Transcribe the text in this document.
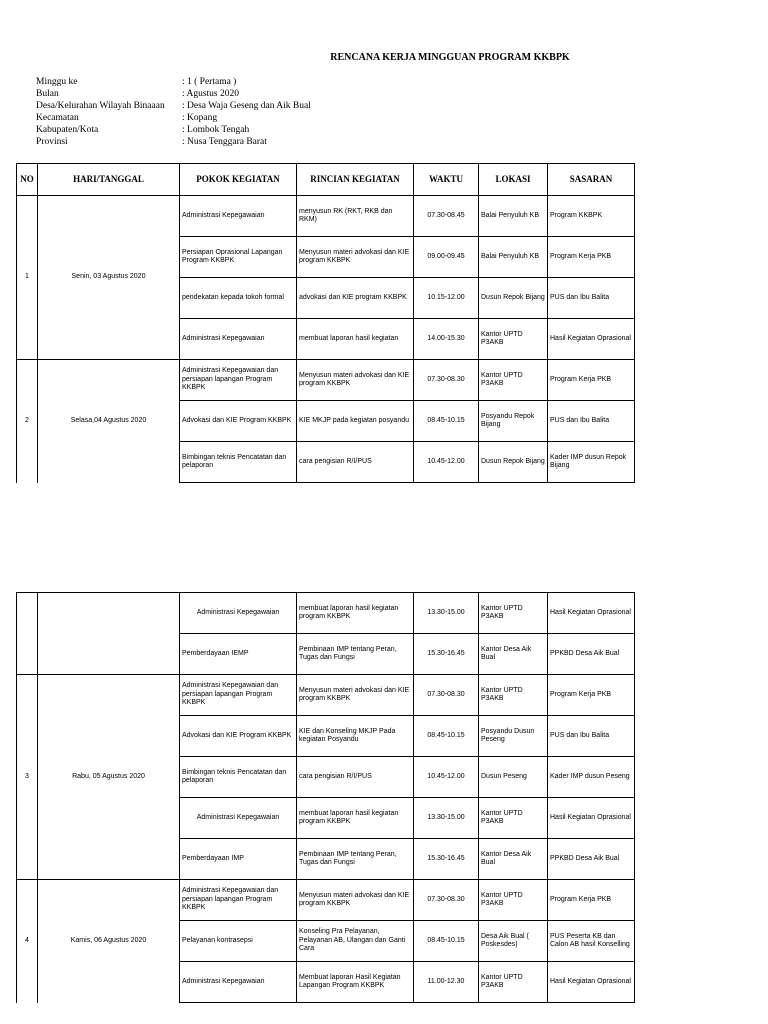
RENCANA KERJA MINGGUAN PROGRAM KKBPK
Minggu ke	: 1 ( Pertama )
Bulan	: Agustus 2020
Desa/Kelurahan Wilayah Binaaan	: Desa Waja Geseng dan Aik Bual
Kecamatan	: Kopang
Kabupaten/Kota	: Lombok Tengah
Provinsi	: Nusa Tenggara Barat
NO	HARI/TANGGAL	POKOK KEGIATAN	RINCIAN KEGIATAN	WAKTU	LOKASI	SASARAN
1	Senin, 03 Agustus 2020	Administrasi Kepegawaian	menyusun RK (RKT, RKB dan RKM)	07.30-08.45	Balai Penyuluh KB	Program KKBPK
		Persiapan Oprasional Lapangan Program KKBPK	Menyusun materi advokasi dan KIE program KKBPK	09.00-09.45	Balai Penyuluh KB	Program Kerja PKB
		pendekatan kepada tokoh formal	advokasi dan KIE program KKBPK	10.15-12.00	Dusun Repok Bijang	PUS dan Ibu Balita
		Administrasi Kepegawaian	membuat laporan hasil kegiatan	14.00-15.30	Kantor UPTD P3AKB	Hasil Kegiatan Oprasional
2	Selasa,04 Agustus 2020	Administrasi Kepegawaian dan persiapan lapangan Program KKBPK	Menyusun materi advokasi dan KIE program KKBPK	07.30-08.30	Kantor UPTD P3AKB	Program Kerja PKB
		Advokasi dan KIE Program KKBPK	KIE MKJP pada kegiatan posyandu	08.45-10.15	Posyandu Repok Bijang	PUS dan Ibu Balita
		Bimbingan teknis Pencatatan dan pelaporan	cara pengisian R/I/PUS	10.45-12.00	Dusun Repok Bijang	Kader IMP dusun Repok Bijang
		Administrasi Kepegawaian	membuat laporan hasil kegiatan program KKBPK	13.30-15.00	Kantor UPTD P3AKB	Hasil Kegiatan Oprasional
		Pemberdayaan IEMP	Pembinaan IMP tentang Peran, Tugas dan Fungsi	15.30-16.45	Kantor Desa Aik Bual	PPKBD Desa Aik Bual
3	Rabu, 05 Agustus 2020	Administrasi Kepegawaian dan persiapan lapangan Program KKBPK	Menyusun materi advokasi dan KIE program KKBPK	07.30-08.30	Kantor UPTD P3AKB	Program Kerja PKB
		Advokasi dan KIE Program KKBPK	KIE dan Konseling MKJP Pada kegiatan Posyandu	08.45-10.15	Posyandu Dusun Peseng	PUS dan Ibu Balita
		Bimbingan teknis Pencatatan dan pelaporan	cara pengisian R/I/PUS	10.45-12.00	Dusun Peseng	Kader IMP dusun Peseng
		Administrasi Kepegawaian	membuat laporan hasil kegiatan program KKBPK	13.30-15.00	Kantor UPTD P3AKB	Hasil Kegiatan Oprasional
		Pemberdayaan IMP	Pembinaan IMP tentang Peran, Tugas dan Fungsi	15.30-16.45	Kantor Desa Aik Bual	PPKBD Desa Aik Bual
4	Kamis, 06 Agustus 2020	Administrasi Kepegawaian dan persiapan lapangan Program KKBPK	Menyusun materi advokasi dan KIE program KKBPK	07.30-08.30	Kantor UPTD P3AKB	Program Kerja PKB
		Pelayanan kontrasepsi	Konseling Pra Pelayanan, Pelayanan AB, Ulangan dan Ganti Cara	08.45-10.15	Desa Aik Bual ( Poskesdes)	PUS Peserta KB dan Calon AB hasil Konselling
		Administrasi Kepegawaian	Membuat laporan Hasil Kegiatan Lapangan Program KKBPK	11.00-12.30	Kantor UPTD P3AKB	Hasil Kegiatan Oprasional
